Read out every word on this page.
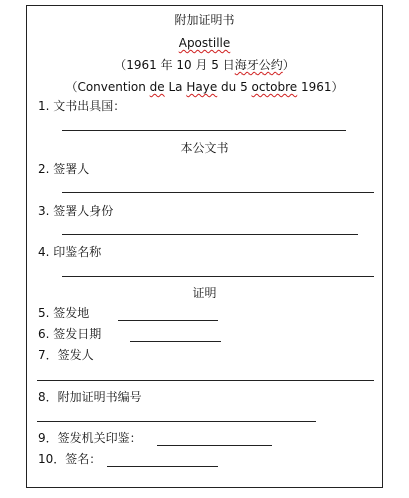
附加证明书
Apostille
（1961 年 10 月 5 日海牙公约）
（Convention de La Haye du 5 octobre 1961）
1. 文书出具国：
本公文书
2. 签署人
3. 签署人身份
4. 印鉴名称
证明
5. 签发地
6. 签发日期
7．签发人
8．附加证明书编号
9．签发机关印鉴：
10．签名：
